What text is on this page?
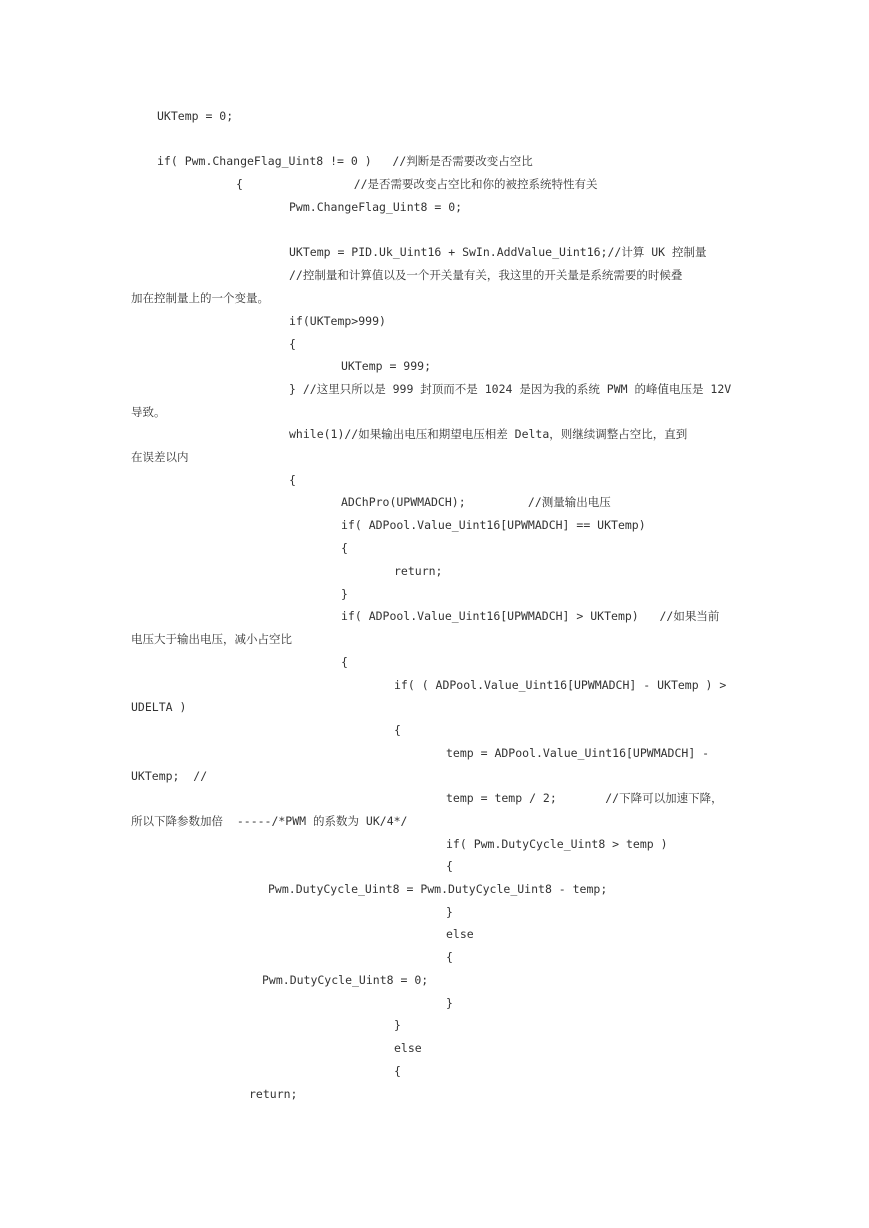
UKTemp = 0;

if( Pwm.ChangeFlag_Uint8 != 0 )   //判断是否需要改变占空比

{                //是否需要改变占空比和你的被控系统特性有关

Pwm.ChangeFlag_Uint8 = 0;

UKTemp = PID.Uk_Uint16 + SwIn.AddValue_Uint16;//计算 UK 控制量

//控制量和计算值以及一个开关量有关，我这里的开关量是系统需要的时候叠

加在控制量上的一个变量。

if(UKTemp>999)

{

UKTemp = 999;

} //这里只所以是 999 封顶而不是 1024 是因为我的系统 PWM 的峰值电压是 12V

导致。

while(1)//如果输出电压和期望电压相差 Delta，则继续调整占空比，直到

在误差以内

{

ADChPro(UPWMADCH);         //测量输出电压

if( ADPool.Value_Uint16[UPWMADCH] == UKTemp)

{

return;

}

if( ADPool.Value_Uint16[UPWMADCH] > UKTemp)   //如果当前

电压大于输出电压，减小占空比

{

if( ( ADPool.Value_Uint16[UPWMADCH] - UKTemp ) >

UDELTA )

{

temp = ADPool.Value_Uint16[UPWMADCH] -

UKTemp;  //

temp = temp / 2;       //下降可以加速下降，

所以下降参数加倍  -----/*PWM 的系数为 UK/4*/

if( Pwm.DutyCycle_Uint8 > temp )

{

Pwm.DutyCycle_Uint8 = Pwm.DutyCycle_Uint8 - temp;

}

else

{

Pwm.DutyCycle_Uint8 = 0;

}

}

else

{

return;
